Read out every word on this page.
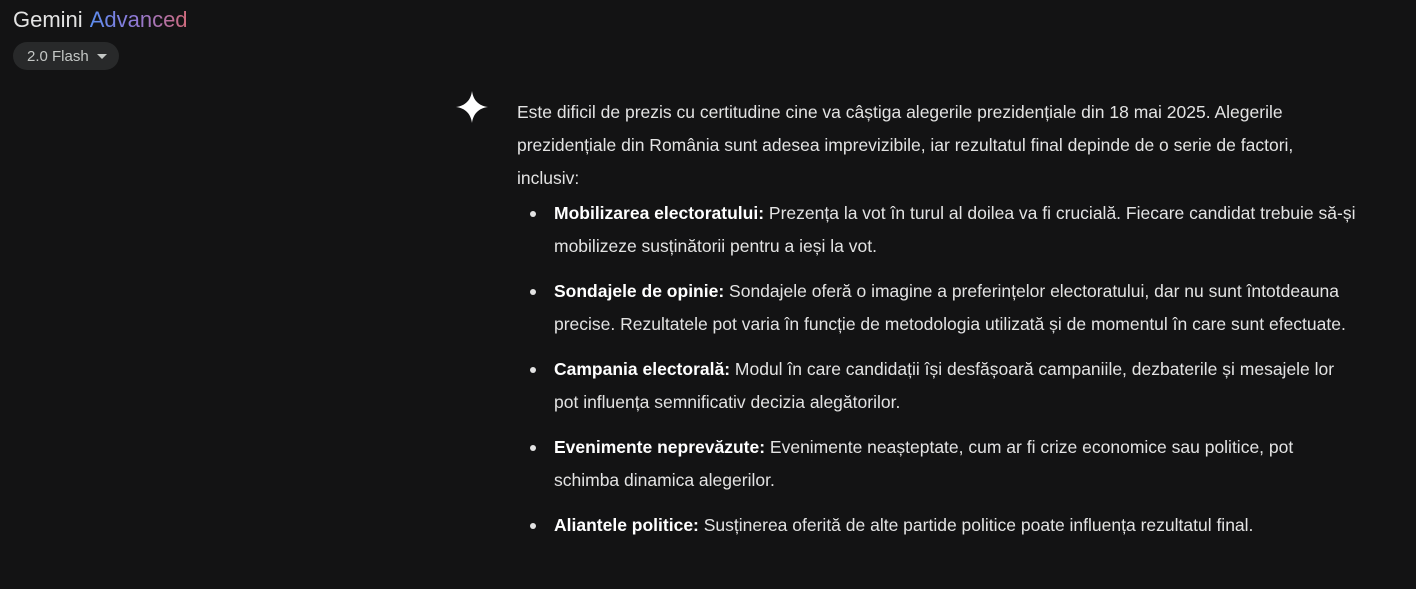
Gemini Advanced
2.0 Flash

Este dificil de prezis cu certitudine cine va câștiga alegerile prezidențiale din 18 mai 2025. Alegerile prezidențiale din România sunt adesea imprevizibile, iar rezultatul final depinde de o serie de factori, inclusiv:

Mobilizarea electoratului: Prezența la vot în turul al doilea va fi crucială. Fiecare candidat trebuie să-și mobilizeze susținătorii pentru a ieși la vot.
Sondajele de opinie: Sondajele oferă o imagine a preferințelor electoratului, dar nu sunt întotdeauna precise. Rezultatele pot varia în funcție de metodologia utilizată și de momentul în care sunt efectuate.
Campania electorală: Modul în care candidații își desfășoară campaniile, dezbaterile și mesajele lor pot influența semnificativ decizia alegătorilor.
Evenimente neprevăzute: Evenimente neașteptate, cum ar fi crize economice sau politice, pot schimba dinamica alegerilor.
Aliantele politice: Susținerea oferită de alte partide politice poate influența rezultatul final.
